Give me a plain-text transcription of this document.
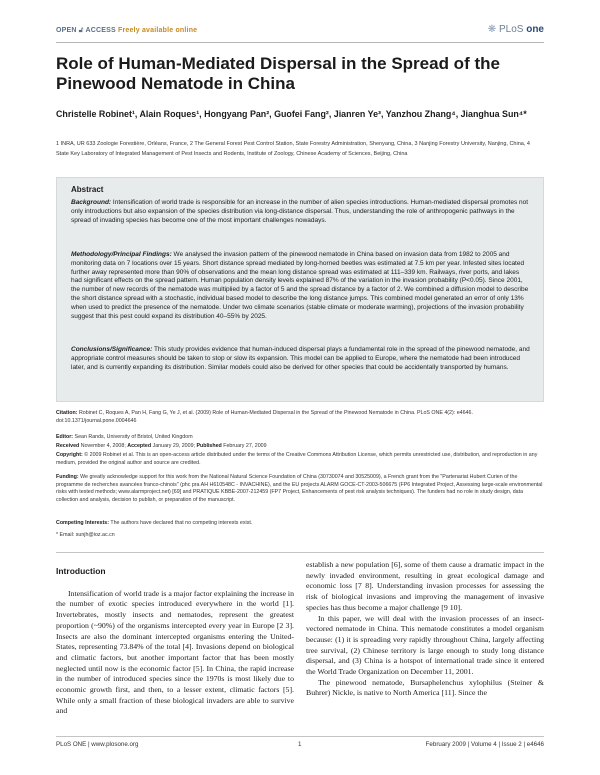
OPEN 🔓︎ ACCESS Freely available online	❋ PLoS one
Role of Human-Mediated Dispersal in the Spread of the Pinewood Nematode in China
Christelle Robinet¹, Alain Roques¹, Hongyang Pan², Guofei Fang², Jianren Ye³, Yanzhou Zhang⁴, Jianghua Sun⁴*
1 INRA, UR 633 Zoologie Forestière, Orléans, France, 2 The General Forest Pest Control Station, State Forestry Administration, Shenyang, China, 3 Nanjing Forestry University, Nanjing, China, 4 State Key Laboratory of Integrated Management of Pest Insects and Rodents, Institute of Zoology, Chinese Academy of Sciences, Beijing, China
Abstract
Background: Intensification of world trade is responsible for an increase in the number of alien species introductions. Human-mediated dispersal promotes not only introductions but also expansion of the species distribution via long-distance dispersal. Thus, understanding the role of anthropogenic pathways in the spread of invading species has become one of the most important challenges nowadays.
Methodology/Principal Findings: We analysed the invasion pattern of the pinewood nematode in China based on invasion data from 1982 to 2005 and monitoring data on 7 locations over 15 years. Short distance spread mediated by long-horned beetles was estimated at 7.5 km per year. Infested sites located further away represented more than 90% of observations and the mean long distance spread was estimated at 111–339 km. Railways, river ports, and lakes had significant effects on the spread pattern. Human population density levels explained 87% of the variation in the invasion probability (P<0.05). Since 2001, the number of new records of the nematode was multiplied by a factor of 5 and the spread distance by a factor of 2. We combined a diffusion model to describe the short distance spread with a stochastic, individual based model to describe the long distance jumps. This combined model generated an error of only 13% when used to predict the presence of the nematode. Under two climate scenarios (stable climate or moderate warming), projections of the invasion probability suggest that this pest could expand its distribution 40–55% by 2025.
Conclusions/Significance: This study provides evidence that human-induced dispersal plays a fundamental role in the spread of the pinewood nematode, and appropriate control measures should be taken to stop or slow its expansion. This model can be applied to Europe, where the nematode had been introduced later, and is currently expanding its distribution. Similar models could also be derived for other species that could be accidentally transported by humans.
Citation: Robinet C, Roques A, Pan H, Fang G, Ye J, et al. (2009) Role of Human-Mediated Dispersal in the Spread of the Pinewood Nematode in China. PLoS ONE 4(2): e4646. doi:10.1371/journal.pone.0004646
Editor: Sean Rands, University of Bristol, United Kingdom
Received November 4, 2008; Accepted January 29, 2009; Published February 27, 2009
Copyright: © 2009 Robinet et al. This is an open-access article distributed under the terms of the Creative Commons Attribution License, which permits unrestricted use, distribution, and reproduction in any medium, provided the original author and source are credited.
Funding: We greatly acknowledge support for this work from the National Natural Science Foundation of China (30730074 and 30525009), a French grant from the "Partenariat Hubert Curien of the programme de recherches avancées franco-chinois" (phc pra AH H610548C - INVACHINE), and the EU projects ALARM GOCE-CT-2003-506675 (FP6 Integrated Project, Assessing large-scale environmental risks with tested methods; www.alarmproject.net) [69] and PRATIQUE KBBE-2007-212459 (FP7 Project, Enhancements of pest risk analysis techniques). The funders had no role in study design, data collection and analysis, decision to publish, or preparation of the manuscript.
Competing Interests: The authors have declared that no competing interests exist.
* Email: sunjh@ioz.ac.cn
Introduction

Intensification of world trade is a major factor explaining the increase in the number of exotic species introduced everywhere in the world [1]. Invertebrates, mostly insects and nematodes, represent the greatest proportion (~90%) of the organisms intercepted every year in Europe [2 3]. Insects are also the dominant intercepted organisms entering the United-States, representing 73.84% of the total [4]. Invasions depend on biological and climatic factors, but another important factor that has been mostly neglected until now is the economic factor [5]. In China, the rapid increase in the number of introduced species since the 1970s is most likely due to economic growth first, and then, to a lesser extent, climatic factors [5]. While only a small fraction of these biological invaders are able to survive and

establish a new population [6], some of them cause a dramatic impact in the newly invaded environment, resulting in great ecological damage and economic loss [7 8]. Understanding invasion processes for assessing the risk of biological invasions and improving the management of invasive species has thus become a major challenge [9 10].

In this paper, we will deal with the invasion processes of an insect-vectored nematode in China. This nematode constitutes a model organism because: (1) it is spreading very rapidly throughout China, largely affecting tree survival, (2) Chinese territory is large enough to study long distance dispersal, and (3) China is a hotspot of international trade since it entered the World Trade Organization on December 11, 2001.

The pinewood nematode, Bursaphelenchus xylophilus (Steiner & Buhrer) Nickle, is native to North America [11]. Since the

PLoS ONE | www.plosone.org	1	February 2009 | Volume 4 | Issue 2 | e4646
